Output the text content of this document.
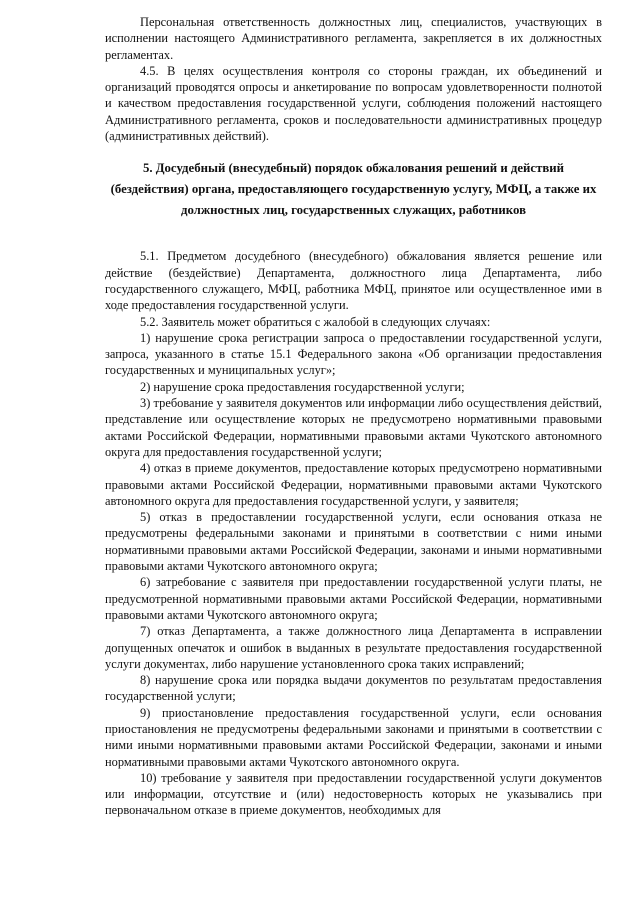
Персональная ответственность должностных лиц, специалистов, участвующих в исполнении настоящего Административного регламента, закрепляется в их должностных регламентах.

4.5. В целях осуществления контроля со стороны граждан, их объединений и организаций проводятся опросы и анкетирование по вопросам удовлетворенности полнотой и качеством предоставления государственной услуги, соблюдения положений настоящего Административного регламента, сроков и последовательности административных процедур (административных действий).

5. Досудебный (внесудебный) порядок обжалования решений и действий (бездействия) органа, предоставляющего государственную услугу, МФЦ, а также их должностных лиц, государственных служащих, работников

5.1. Предметом досудебного (внесудебного) обжалования является решение или действие (бездействие) Департамента, должностного лица Департамента, либо государственного служащего, МФЦ, работника МФЦ, принятое или осуществленное ими в ходе предоставления государственной услуги.

5.2. Заявитель может обратиться с жалобой в следующих случаях:

1) нарушение срока регистрации запроса о предоставлении государственной услуги, запроса, указанного в статье 15.1 Федерального закона «Об организации предоставления государственных и муниципальных услуг»;

2) нарушение срока предоставления государственной услуги;

3) требование у заявителя документов или информации либо осуществления действий, представление или осуществление которых не предусмотрено нормативными правовыми актами Российской Федерации, нормативными правовыми актами Чукотского автономного округа для предоставления государственной услуги;

4) отказ в приеме документов, предоставление которых предусмотрено нормативными правовыми актами Российской Федерации, нормативными правовыми актами Чукотского автономного округа для предоставления государственной услуги, у заявителя;

5) отказ в предоставлении государственной услуги, если основания отказа не предусмотрены федеральными законами и принятыми в соответствии с ними иными нормативными правовыми актами Российской Федерации, законами и иными нормативными правовыми актами Чукотского автономного округа;

6) затребование с заявителя при предоставлении государственной услуги платы, не предусмотренной нормативными правовыми актами Российской Федерации, нормативными правовыми актами Чукотского автономного округа;

7) отказ Департамента, а также должностного лица Департамента в исправлении допущенных опечаток и ошибок в выданных в результате предоставления государственной услуги документах, либо нарушение установленного срока таких исправлений;

8) нарушение срока или порядка выдачи документов по результатам предоставления государственной услуги;

9) приостановление предоставления государственной услуги, если основания приостановления не предусмотрены федеральными законами и принятыми в соответствии с ними иными нормативными правовыми актами Российской Федерации, законами и иными нормативными правовыми актами Чукотского автономного округа.

10) требование у заявителя при предоставлении государственной услуги документов или информации, отсутствие и (или) недостоверность которых не указывались при первоначальном отказе в приеме документов, необходимых для
